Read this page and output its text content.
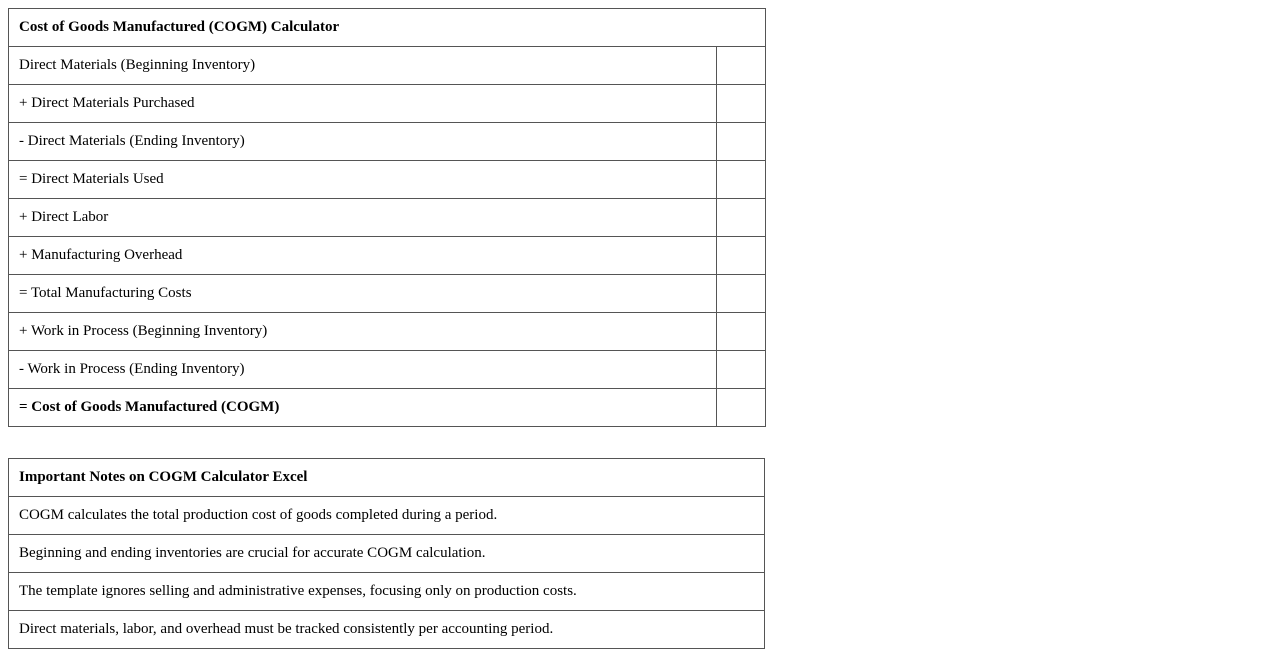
Cost of Goods Manufactured (COGM) Calculator	
Direct Materials (Beginning Inventory)	
+ Direct Materials Purchased	
- Direct Materials (Ending Inventory)	
= Direct Materials Used	
+ Direct Labor	
+ Manufacturing Overhead	
= Total Manufacturing Costs	
+ Work in Process (Beginning Inventory)	
- Work in Process (Ending Inventory)	
= Cost of Goods Manufactured (COGM)	
Important Notes on COGM Calculator Excel
COGM calculates the total production cost of goods completed during a period.
Beginning and ending inventories are crucial for accurate COGM calculation.
The template ignores selling and administrative expenses, focusing only on production costs.
Direct materials, labor, and overhead must be tracked consistently per accounting period.
